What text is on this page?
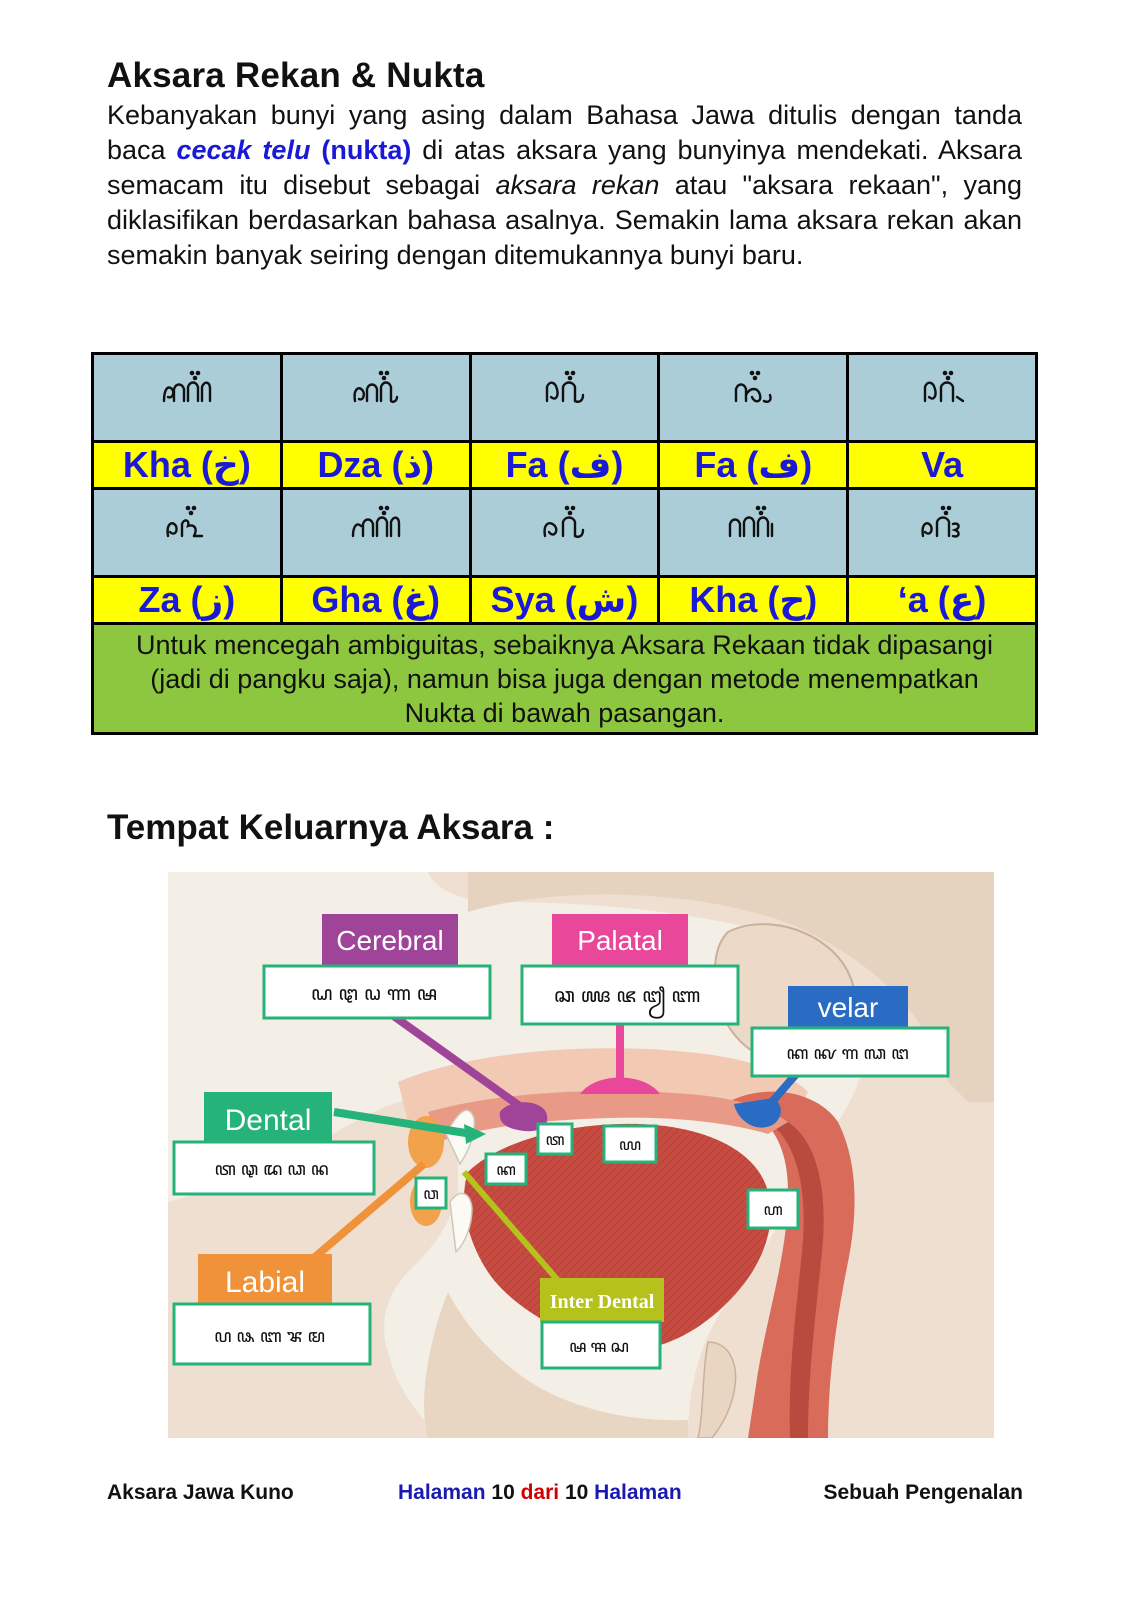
Aksara Rekan & Nukta

Kebanyakan bunyi yang asing dalam Bahasa Jawa ditulis dengan tanda baca cecak telu (nukta) di atas aksara yang bunyinya mendekati. Aksara semacam itu disebut sebagai aksara rekan atau "aksara rekaan", yang diklasifikan berdasarkan bahasa asalnya. Semakin lama aksara rekan akan semakin banyak seiring dengan ditemukannya bunyi baru.

Kha (خ)	Dza (ذ)	Fa (ف)	Fa (ف)	Va

Za (ز)	Gha (غ)	Sya (ش)	Kha (ح)	‘a (ع)
Untuk mencegah ambiguitas, sebaiknya Aksara Rekaan tidak dipasangi (jadi di pangku saja), namun bisa juga dengan metode menempatkan Nukta di bawah pasangan.				
Tempat Keluarnya Aksara :
ꦠ	ꦪ
ꦏ
ꦮ
ꦲ
Cerebral
ꦝꦛꦞꦟꦰ
Palatal
ꦕꦖꦗꦙꦚ	velar
ꦏꦑꦒꦓꦔ
Dental
ꦠꦡꦢꦣꦤ
Labial
ꦥꦦꦧꦨꦩ
Inter Dental
ꦰꦯꦱ
Aksara Jawa Kuno	Halaman 10 dari 10 Halaman	Sebuah Pengenalan
